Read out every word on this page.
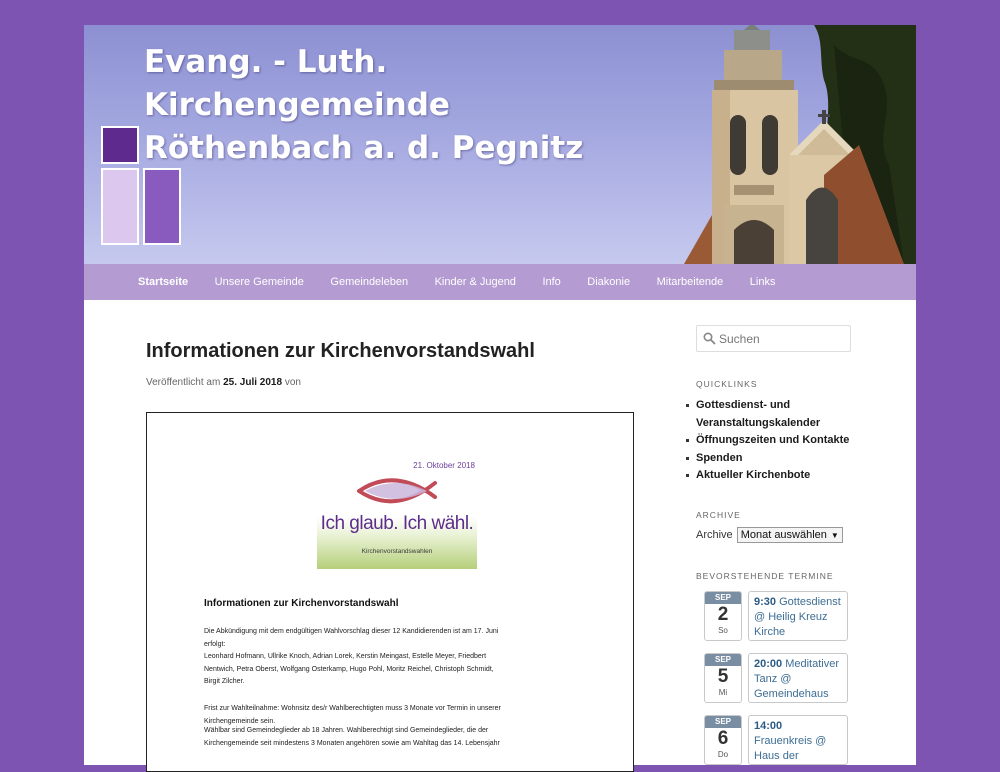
Evang. - Luth.
Kirchengemeinde
Röthenbach a. d. Pegnitz
Startseite Unsere Gemeinde Gemeindeleben Kinder & Jugend Info Diakonie Mitarbeitende Links
Informationen zur Kirchenvorstandswahl
Veröffentlicht am 25. Juli 2018 von
21. Oktober 2018
Ich glaub. Ich wähl.
Kirchenvorstandswahlen
Informationen zur Kirchenvorstandswahl
Die Abkündigung mit dem endgültigen Wahlvorschlag dieser 12 Kandidierenden ist am 17. Juni
erfolgt:
Leonhard Hofmann, Ullrike Knoch, Adrian Lorek, Kerstin Meingast, Estelle Meyer, Friedbert
Nentwich, Petra Oberst, Wolfgang Osterkamp, Hugo Pohl, Moritz Reichel, Christoph Schmidt,
Birgit Zilcher.
Frist zur Wahlteilnahme: Wohnsitz des/r Wahlberechtigten muss 3 Monate vor Termin in unserer
Kirchengemeinde sein.
Wählbar sind Gemeindeglieder ab 18 Jahren. Wahlberechtigt sind Gemeindeglieder, die der
Kirchengemeinde seit mindestens 3 Monaten angehören sowie am Wahltag das 14. Lebensjahr
Suchen
QUICKLINKS
Gottesdienst- und Veranstaltungskalender
Öffnungszeiten und Kontakte
Spenden
Aktueller Kirchenbote
ARCHIVE
Archive Monat auswählen ▼
BEVORSTEHENDE TERMINE
SEP
2
So
9:30 Gottesdienst @ Heilig Kreuz Kirche
SEP
5
Mi
20:00 Meditativer Tanz @ Gemeindehaus
SEP
6
Do
14:00 Frauenkreis @ Haus der
